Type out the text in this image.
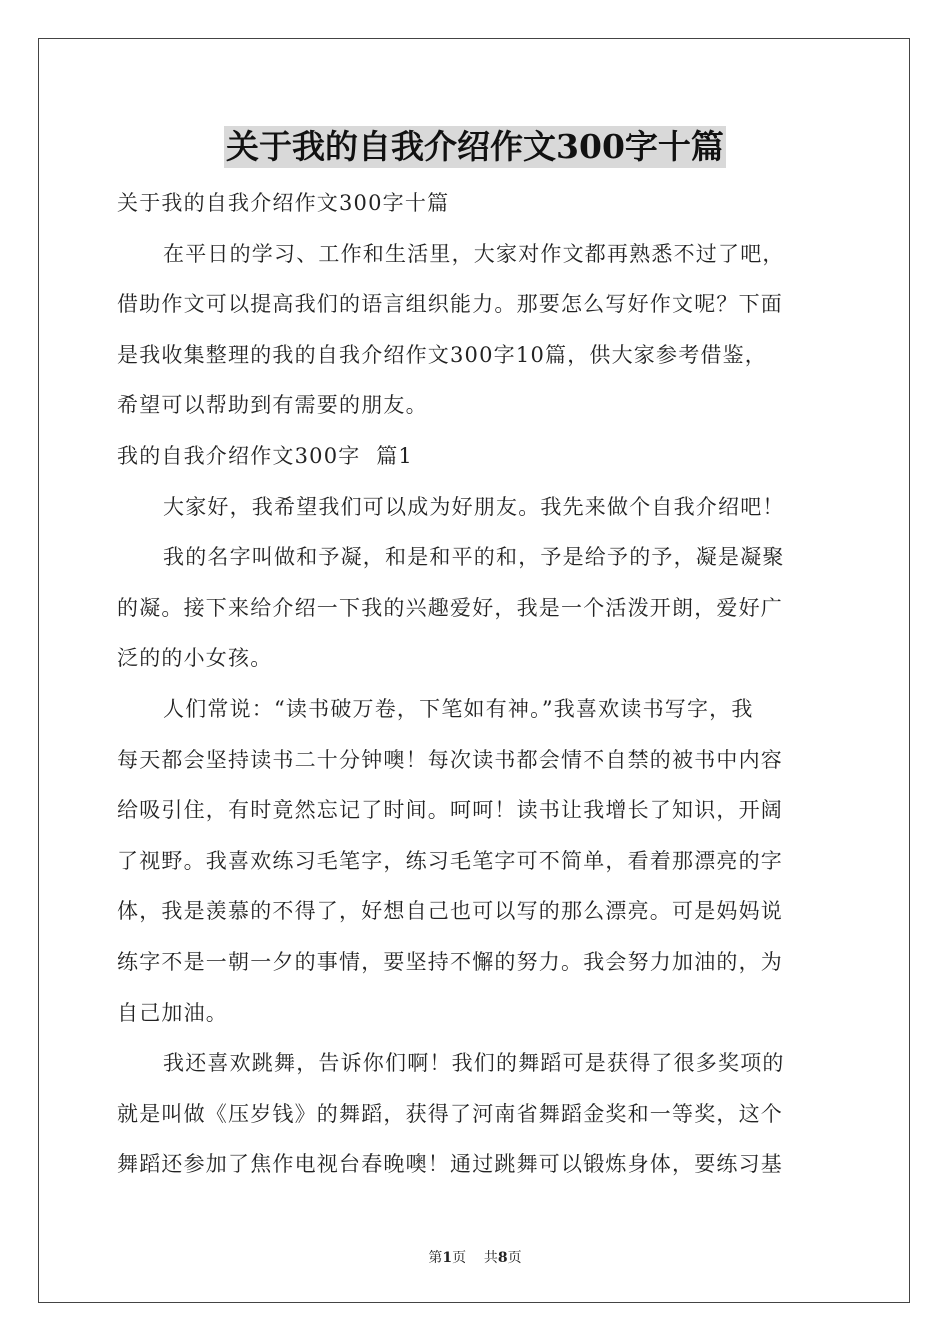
关于我的自我介绍作文300字十篇
关于我的自我介绍作文300字十篇
在平日的学习、工作和生活里，大家对作文都再熟悉不过了吧，
借助作文可以提高我们的语言组织能力。那要怎么写好作文呢？下面
是我收集整理的我的自我介绍作文300字10篇，供大家参考借鉴，
希望可以帮助到有需要的朋友。
我的自我介绍作文300字  篇1
大家好，我希望我们可以成为好朋友。我先来做个自我介绍吧！
我的名字叫做和予凝，和是和平的和，予是给予的予，凝是凝聚
的凝。接下来给介绍一下我的兴趣爱好，我是一个活泼开朗，爱好广
泛的的小女孩。
人们常说：“读书破万卷，下笔如有神。”我喜欢读书写字，我
每天都会坚持读书二十分钟噢！每次读书都会情不自禁的被书中内容
给吸引住，有时竟然忘记了时间。呵呵！读书让我增长了知识，开阔
了视野。我喜欢练习毛笔字，练习毛笔字可不简单，看着那漂亮的字
体，我是羡慕的不得了，好想自己也可以写的那么漂亮。可是妈妈说
练字不是一朝一夕的事情，要坚持不懈的努力。我会努力加油的，为
自己加油。
我还喜欢跳舞，告诉你们啊！我们的舞蹈可是获得了很多奖项的
就是叫做《压岁钱》的舞蹈，获得了河南省舞蹈金奖和一等奖，这个
舞蹈还参加了焦作电视台春晚噢！通过跳舞可以锻炼身体，要练习基
第1页    共8页
